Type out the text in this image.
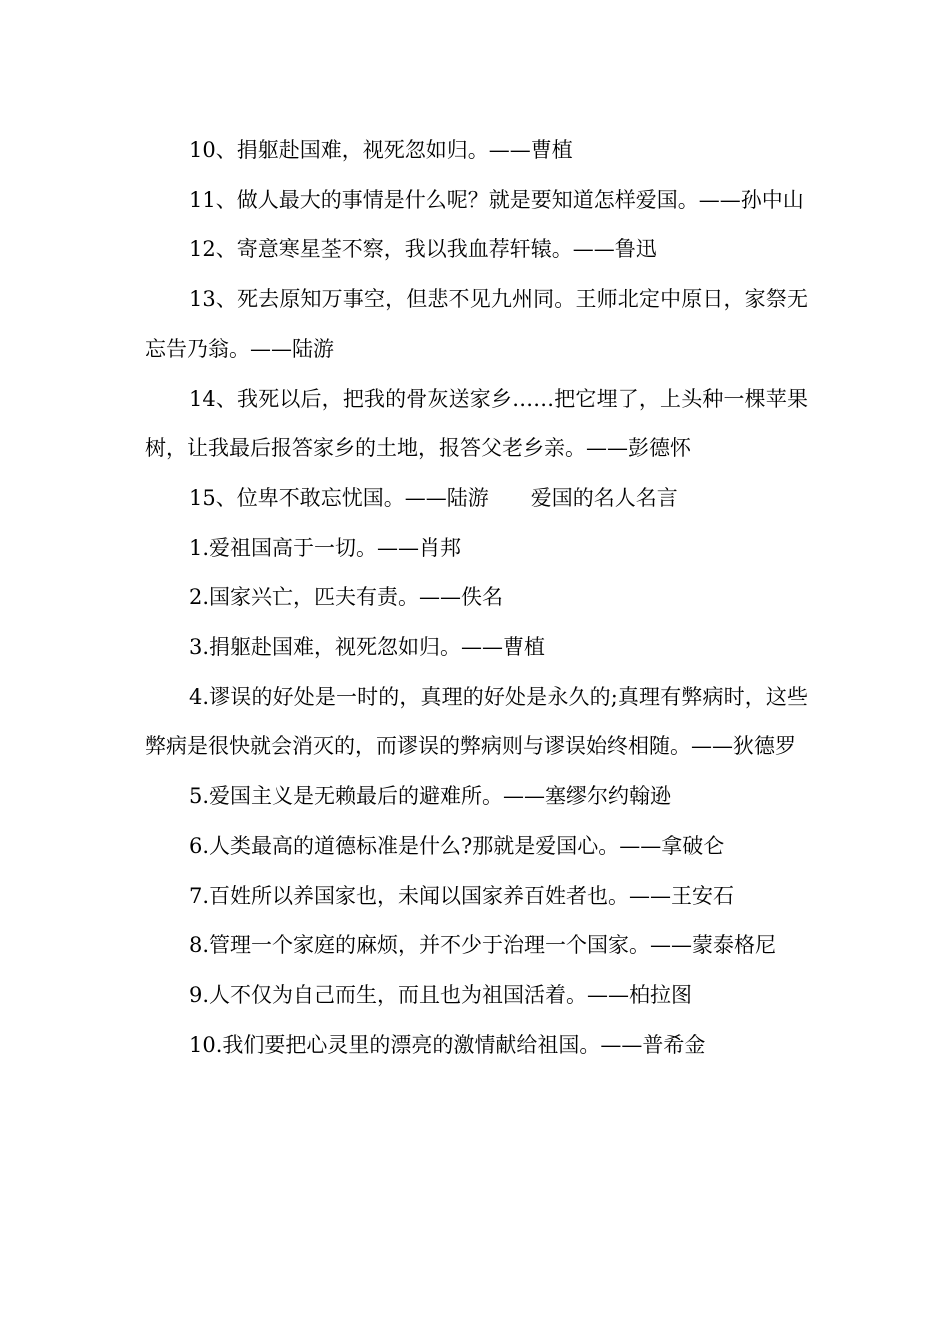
10、捐躯赴国难，视死忽如归。——曹植

11、做人最大的事情是什么呢？就是要知道怎样爱国。——孙中山

12、寄意寒星荃不察，我以我血荐轩辕。——鲁迅

13、死去原知万事空，但悲不见九州同。王师北定中原日，家祭无忘告乃翁。——陆游

14、我死以后，把我的骨灰送家乡……把它埋了，上头种一棵苹果树，让我最后报答家乡的土地，报答父老乡亲。——彭德怀

15、位卑不敢忘忧国。——陆游　　爱国的名人名言

1.爱祖国高于一切。——肖邦

2.国家兴亡，匹夫有责。——佚名

3.捐躯赴国难，视死忽如归。——曹植

4.谬误的好处是一时的，真理的好处是永久的;真理有弊病时，这些弊病是很快就会消灭的，而谬误的弊病则与谬误始终相随。——狄德罗

5.爱国主义是无赖最后的避难所。——塞缪尔约翰逊

6.人类最高的道德标准是什么?那就是爱国心。——拿破仑

7.百姓所以养国家也，未闻以国家养百姓者也。——王安石

8.管理一个家庭的麻烦，并不少于治理一个国家。——蒙泰格尼

9.人不仅为自己而生，而且也为祖国活着。——柏拉图

10.我们要把心灵里的漂亮的激情献给祖国。——普希金
